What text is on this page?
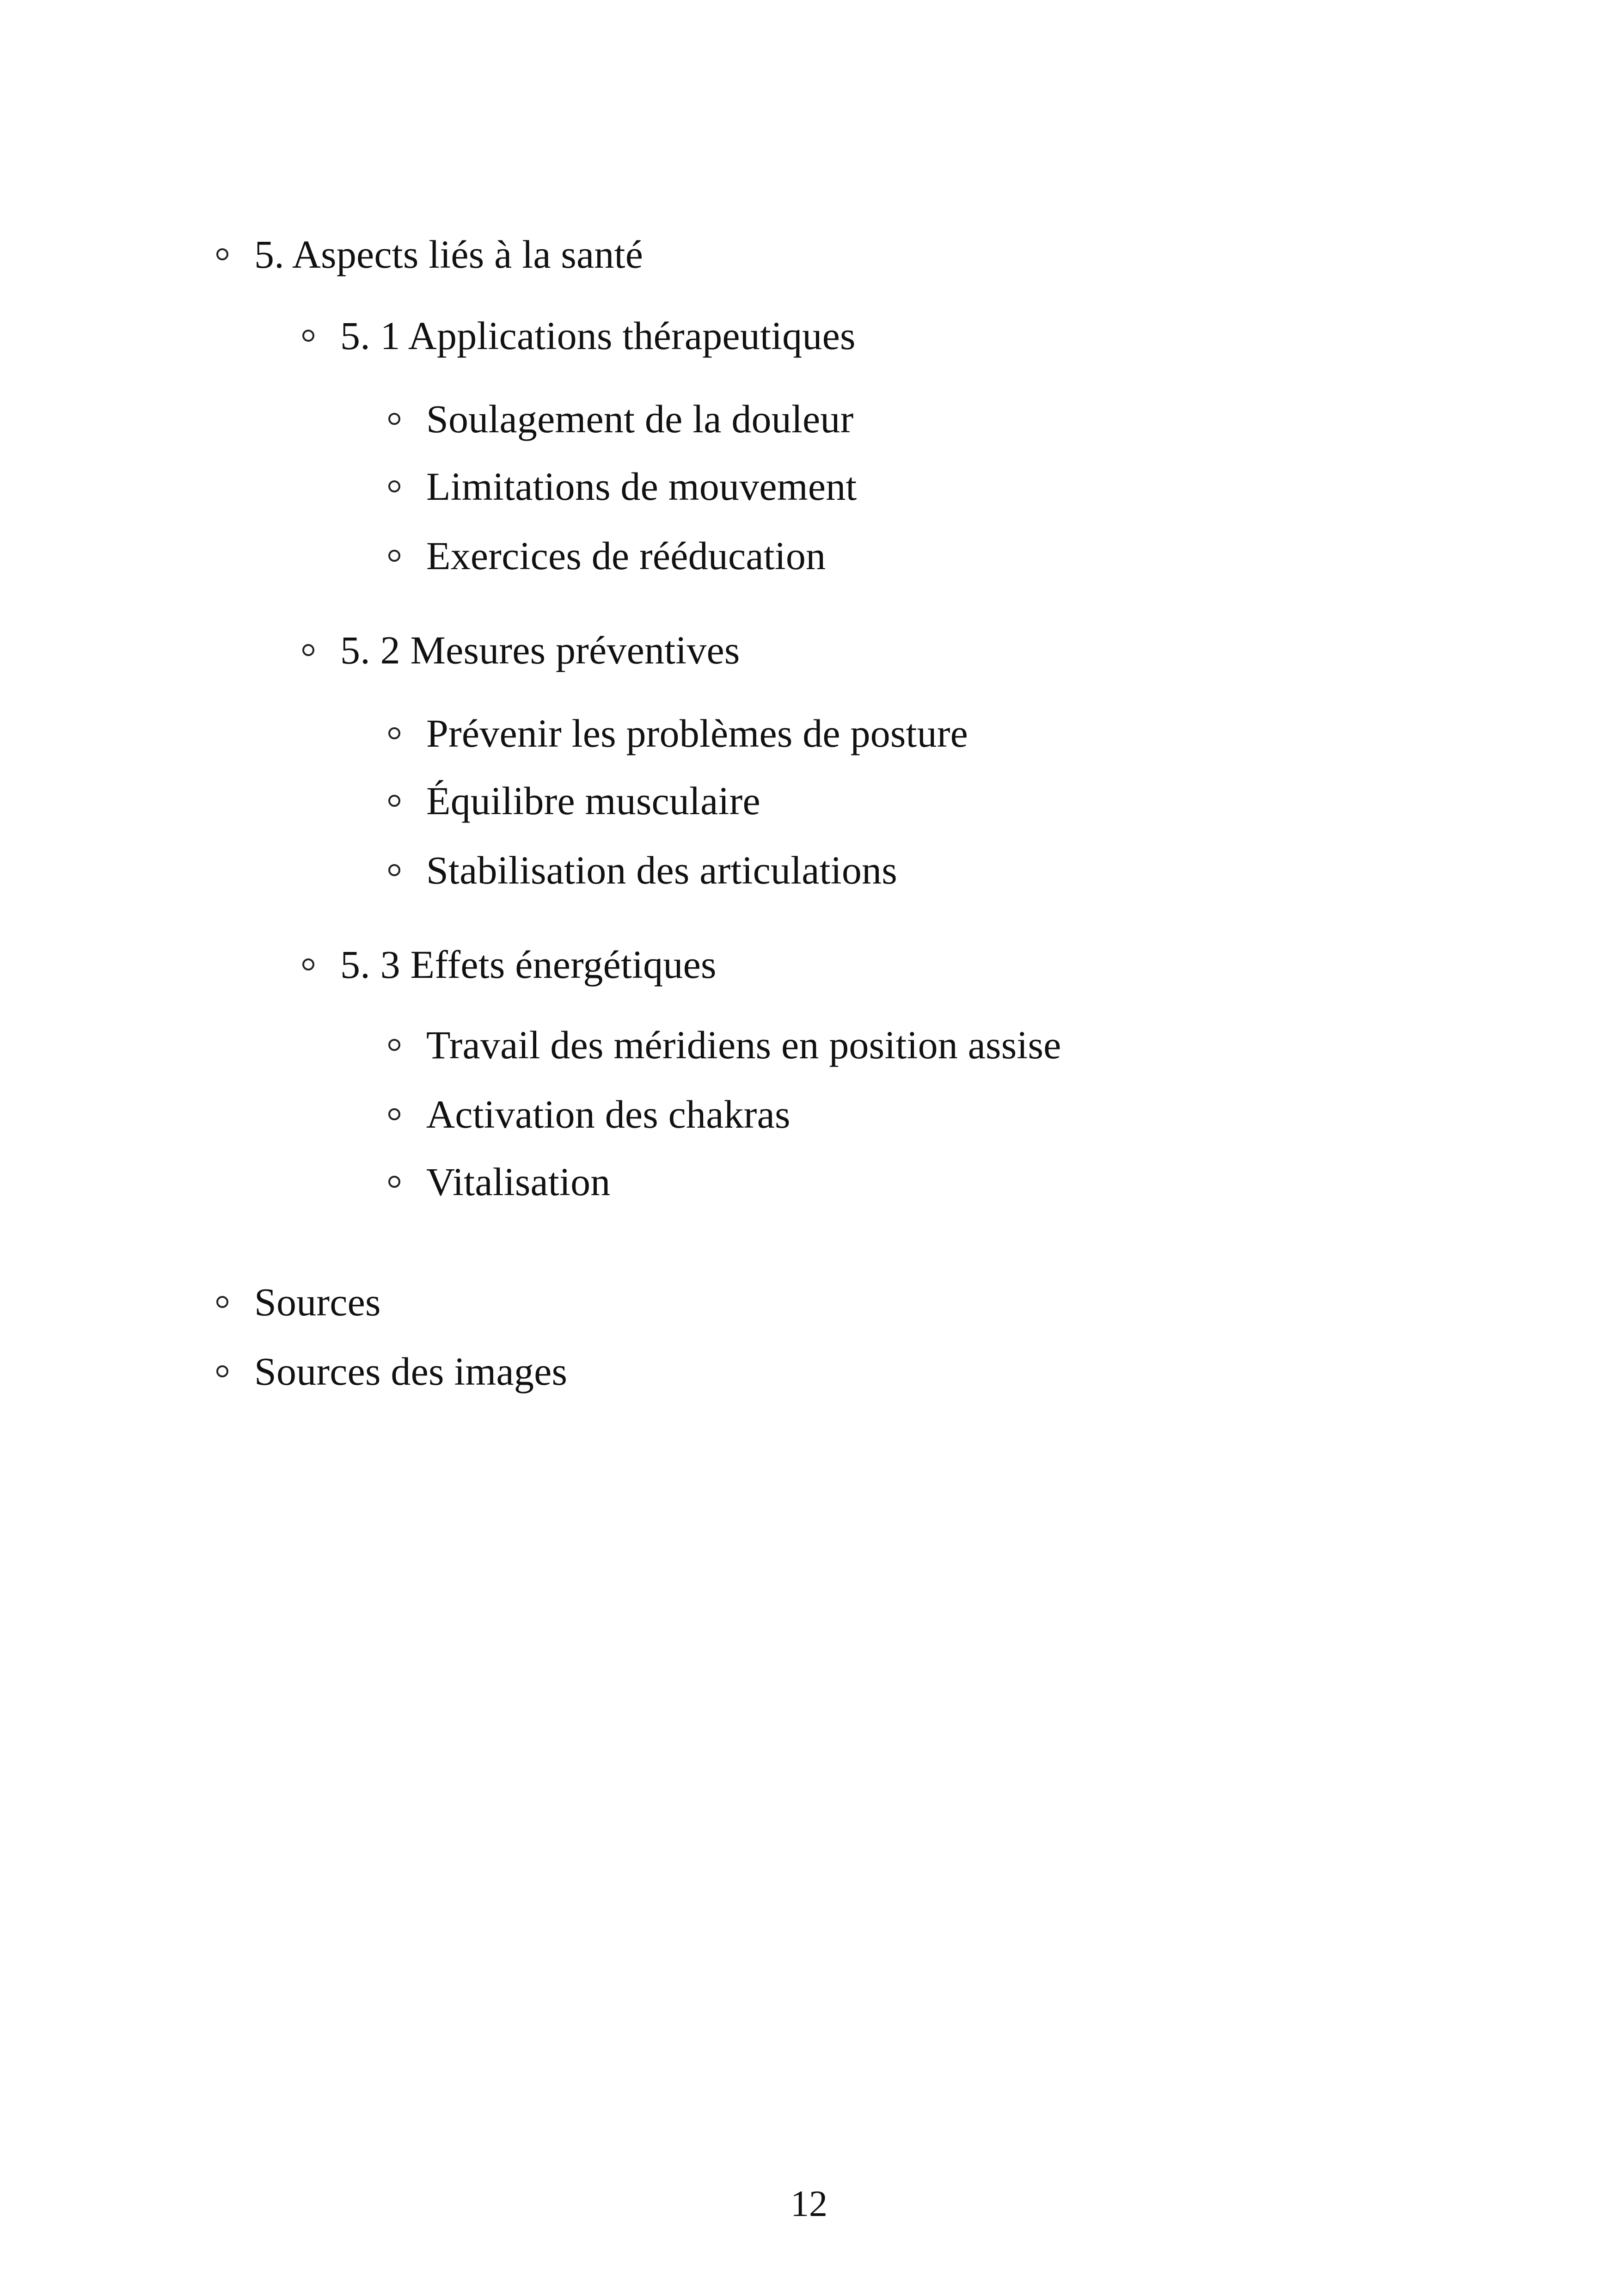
5. Aspects liés à la santé
5. 1 Applications thérapeutiques
Soulagement de la douleur
Limitations de mouvement
Exercices de rééducation
5. 2 Mesures préventives
Prévenir les problèmes de posture
Équilibre musculaire
Stabilisation des articulations
5. 3 Effets énergétiques
Travail des méridiens en position assise
Activation des chakras
Vitalisation
Sources
Sources des images
12
